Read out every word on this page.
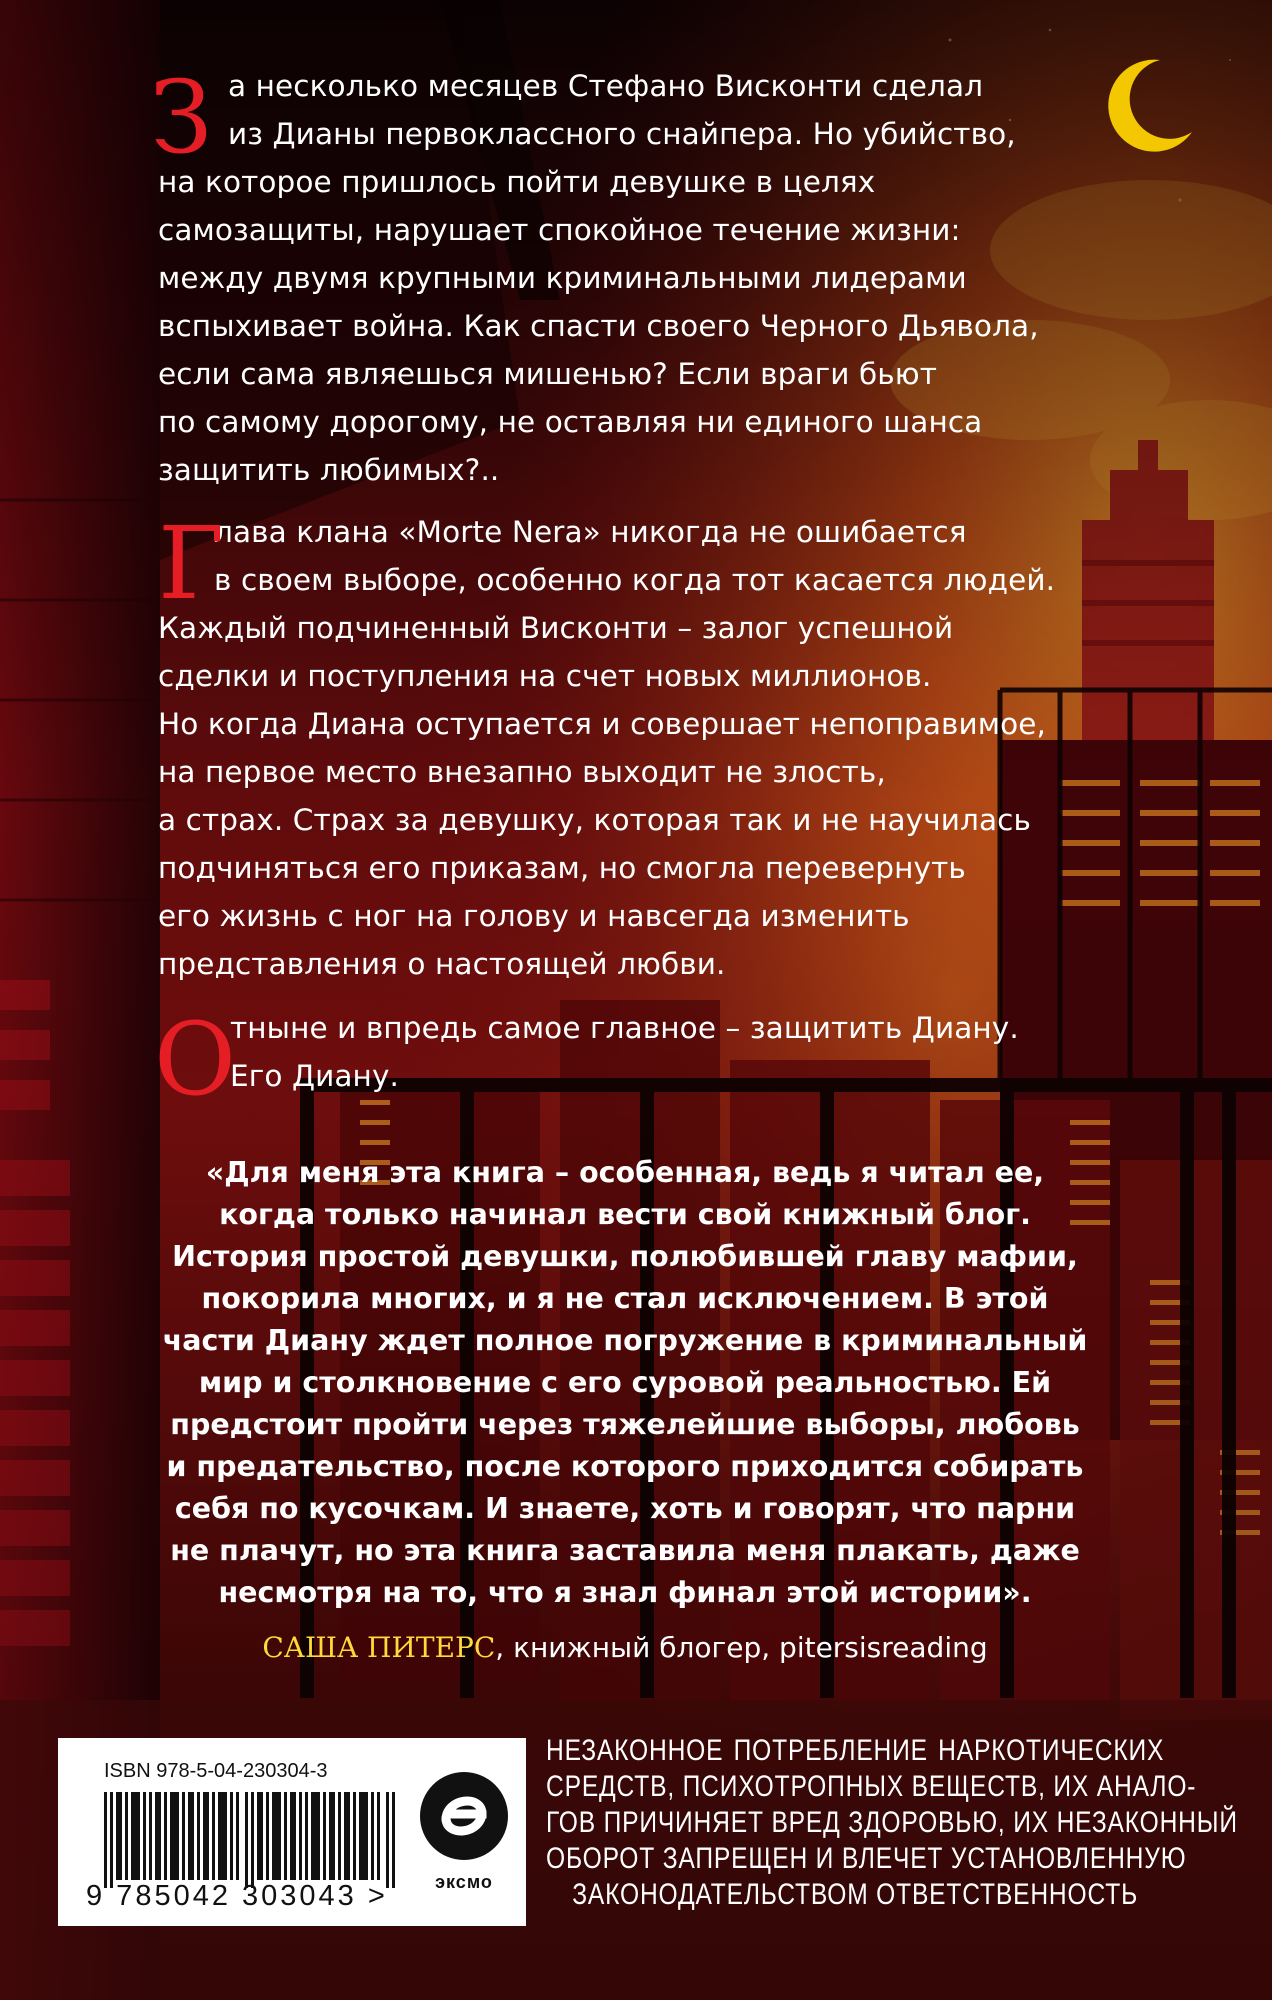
З а несколько месяцев Стефано Висконти сделал
из Дианы первоклассного снайпера. Но убийство,
на которое пришлось пойти девушке в целях
самозащиты, нарушает спокойное течение жизни:
между двумя крупными криминальными лидерами
вспыхивает война. Как спасти своего Черного Дьявола,
если сама являешься мишенью? Если враги бьют
по самому дорогому, не оставляя ни единого шанса
защитить любимых?..
Г
лава клана «Morte Nera» никогда не ошибается
в своем выборе, особенно когда тот касается людей.
Каждый подчиненный Висконти – залог успешной
сделки и поступления на счет новых миллионов.
Но когда Диана оступается и совершает непоправимое,
на первое место внезапно выходит не злость,
а страх. Страх за девушку, которая так и не научилась
подчиняться его приказам, но смогла перевернуть
его жизнь с ног на голову и навсегда изменить
представления о настоящей любви.
О
тныне и впредь самое главное – защитить Диану.
Его Диану.
«Для меня эта книга – особенная, ведь я читал ее,
когда только начинал вести свой книжный блог.
История простой девушки, полюбившей главу мафии,
покорила многих, и я не стал исключением. В этой
части Диану ждет полное погружение в криминальный
мир и столкновение с его суровой реальностью. Ей
предстоит пройти через тяжелейшие выборы, любовь
и предательство, после которого приходится собирать
себя по кусочкам. И знаете, хоть и говорят, что парни
не плачут, но эта книга заставила меня плакать, даже
несмотря на то, что я знал финал этой истории».
САША ПИТЕРС, книжный блогер, pitersisreading
ISBN 978-5-04-230304-3
9 785042 303043 >	эксмо
НЕЗАКОННОЕ ПОТРЕБЛЕНИЕ НАРКОТИЧЕСКИХ
СРЕДСТВ, ПСИХОТРОПНЫХ ВЕЩЕСТВ, ИХ АНАЛО-
ГОВ ПРИЧИНЯЕТ ВРЕД ЗДОРОВЬЮ, ИХ НЕЗАКОННЫЙ
ОБОРОТ ЗАПРЕЩЕН И ВЛЕЧЕТ УСТАНОВЛЕННУЮ
ЗАКОНОДАТЕЛЬСТВОМ ОТВЕТСТВЕННОСТЬ
